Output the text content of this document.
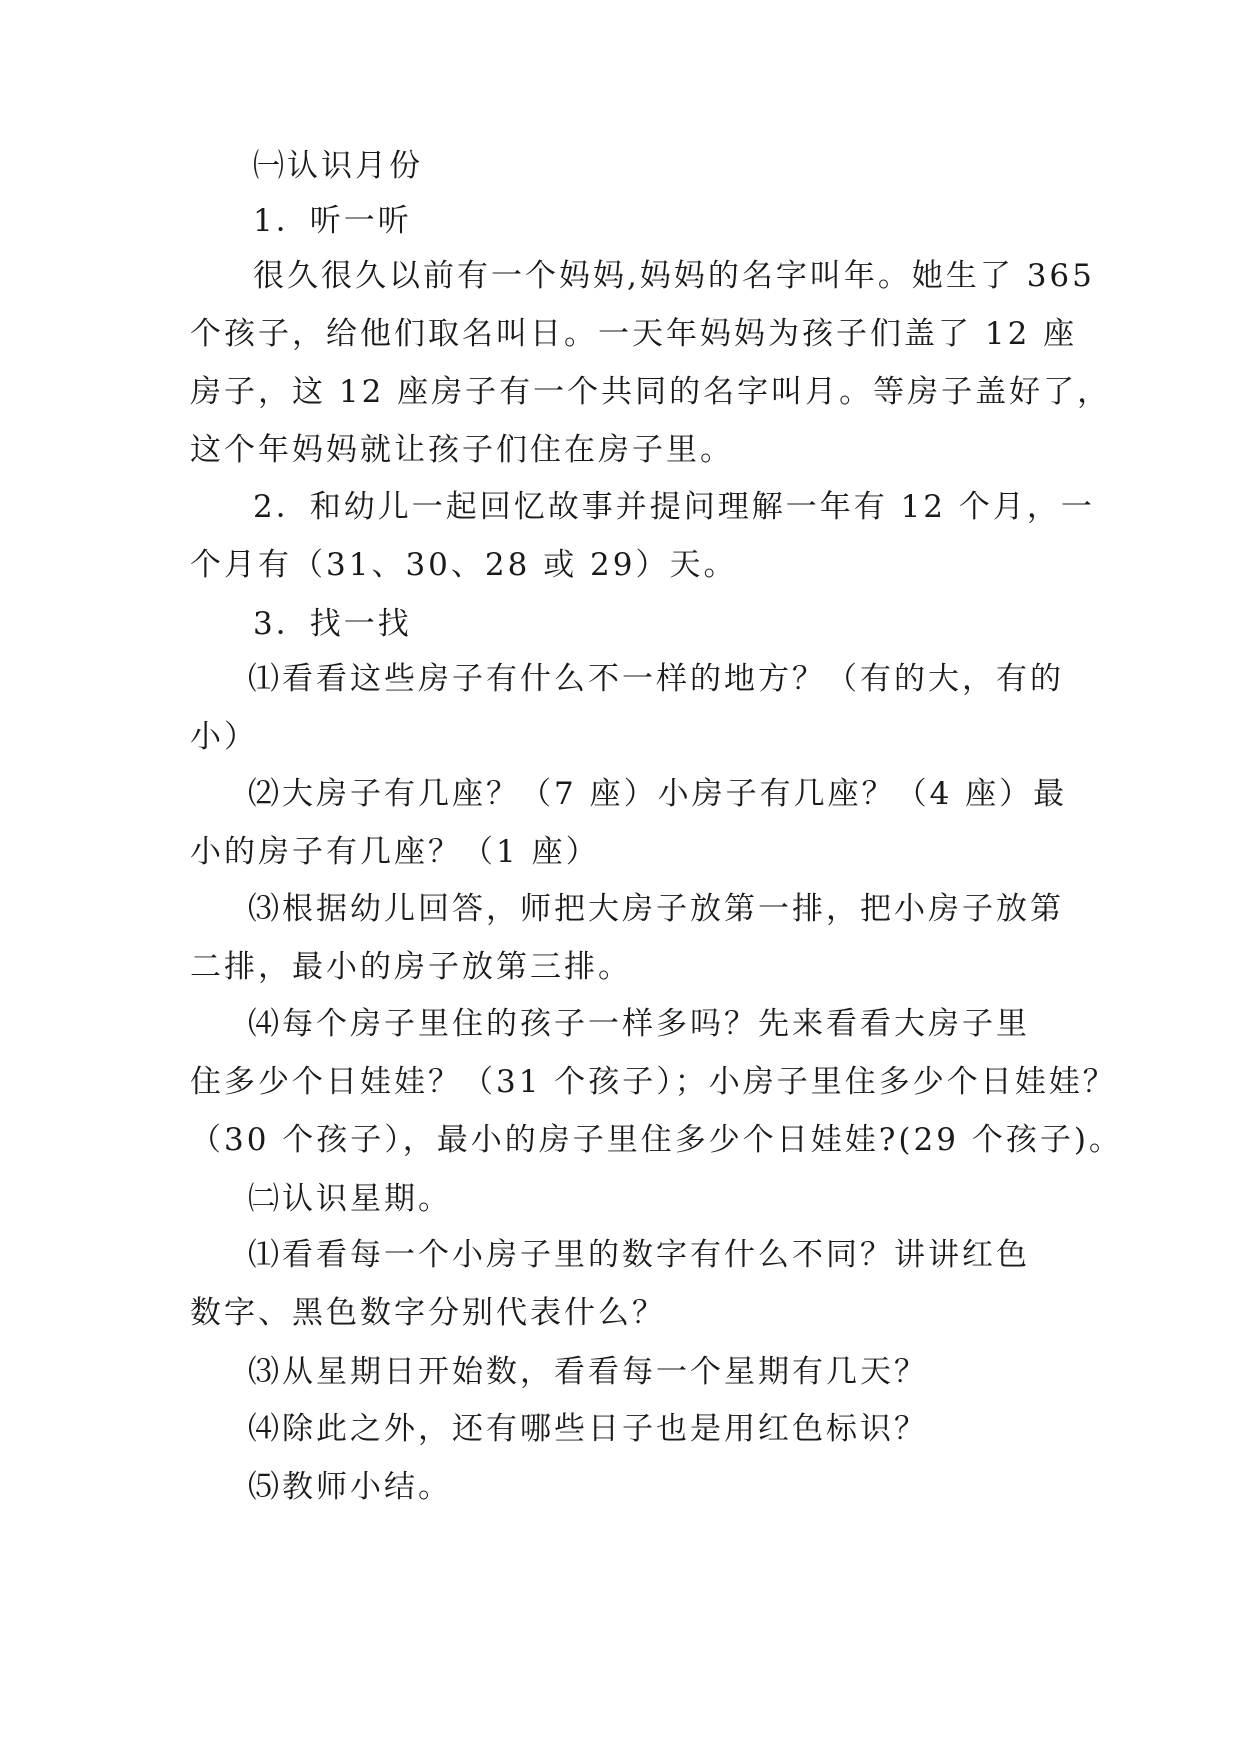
㈠认识月份

1．听一听

很久很久以前有一个妈妈,妈妈的名字叫年。她生了 365
个孩子，给他们取名叫日。一天年妈妈为孩子们盖了 12 座
房子，这 12 座房子有一个共同的名字叫月。等房子盖好了，
这个年妈妈就让孩子们住在房子里。

2．和幼儿一起回忆故事并提问理解一年有 12 个月，一
个月有（31、30、28 或 29）天。

3．找一找

⑴看看这些房子有什么不一样的地方？（有的大，有的
小）

⑵大房子有几座？（7 座）小房子有几座？（4 座）最
小的房子有几座？（1 座）

⑶根据幼儿回答，师把大房子放第一排，把小房子放第
二排，最小的房子放第三排。

⑷每个房子里住的孩子一样多吗？先来看看大房子里
住多少个日娃娃？（31 个孩子）；小房子里住多少个日娃娃？
（30 个孩子），最小的房子里住多少个日娃娃?(29 个孩子)。

㈡认识星期。

⑴看看每一个小房子里的数字有什么不同？讲讲红色
数字、黑色数字分别代表什么？

⑶从星期日开始数，看看每一个星期有几天？

⑷除此之外，还有哪些日子也是用红色标识？

⑸教师小结。
